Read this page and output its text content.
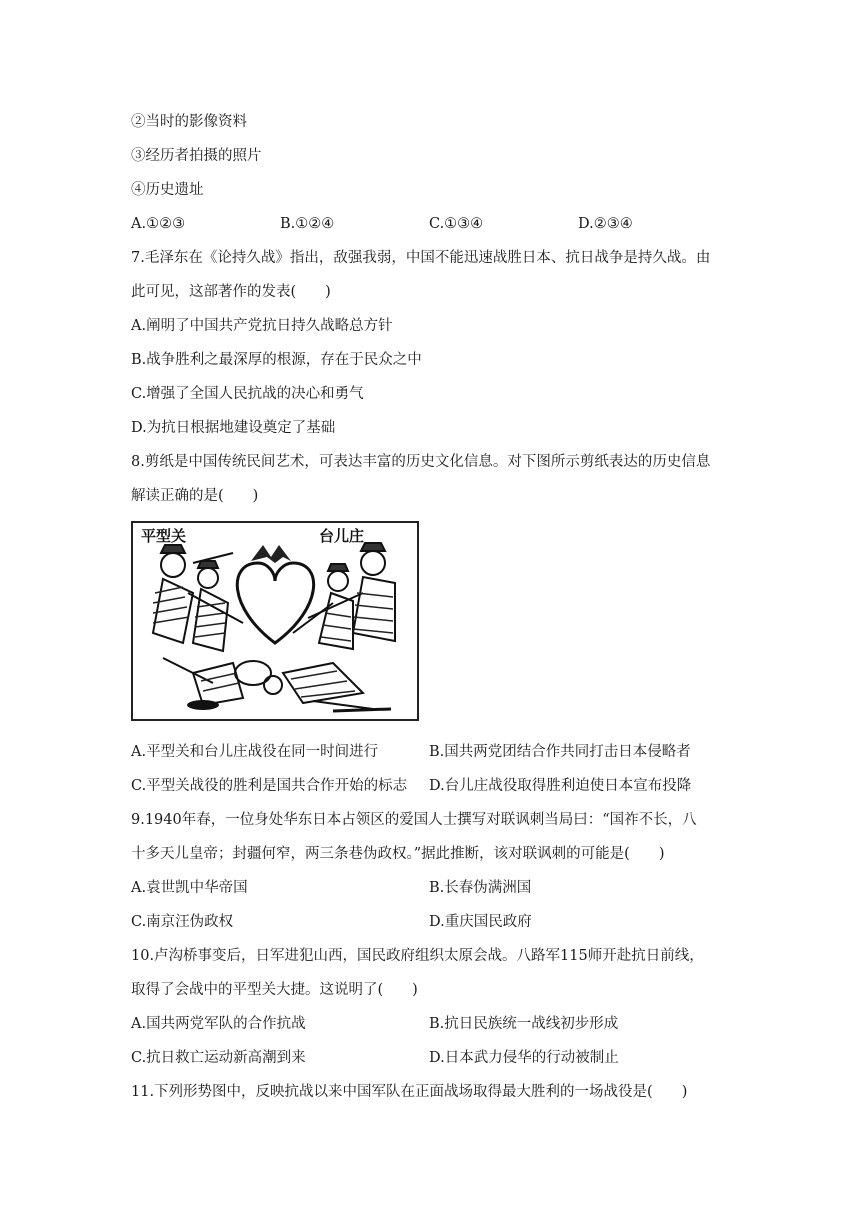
②当时的影像资料
③经历者拍摄的照片
④历史遗址
A.①②③	B.①②④	C.①③④	D.②③④
7.毛泽东在《论持久战》指出，敌强我弱，中国不能迅速战胜日本、抗日战争是持久战。由
此可见，这部著作的发表(　　)
A.阐明了中国共产党抗日持久战略总方针
B.战争胜利之最深厚的根源，存在于民众之中
C.增强了全国人民抗战的决心和勇气
D.为抗日根据地建设奠定了基础
8.剪纸是中国传统民间艺术，可表达丰富的历史文化信息。对下图所示剪纸表达的历史信息
解读正确的是(　　)
平型关	台儿庄
A.平型关和台儿庄战役在同一时间进行	B.国共两党团结合作共同打击日本侵略者
C.平型关战役的胜利是国共合作开始的标志 D.台儿庄战役取得胜利迫使日本宣布投降
9.1940年春，一位身处华东日本占领区的爱国人士撰写对联讽刺当局曰：“国祚不长，八
十多天儿皇帝；封疆何窄，两三条巷伪政权。”据此推断，该对联讽刺的可能是(　　)
A.袁世凯中华帝国	B.长春伪满洲国
C.南京汪伪政权	D.重庆国民政府
10.卢沟桥事变后，日军进犯山西，国民政府组织太原会战。八路军115师开赴抗日前线，
取得了会战中的平型关大捷。这说明了(　　)
A.国共两党军队的合作抗战	B.抗日民族统一战线初步形成
C.抗日救亡运动新高潮到来	D.日本武力侵华的行动被制止
11.下列形势图中，反映抗战以来中国军队在正面战场取得最大胜利的一场战役是(　　)
